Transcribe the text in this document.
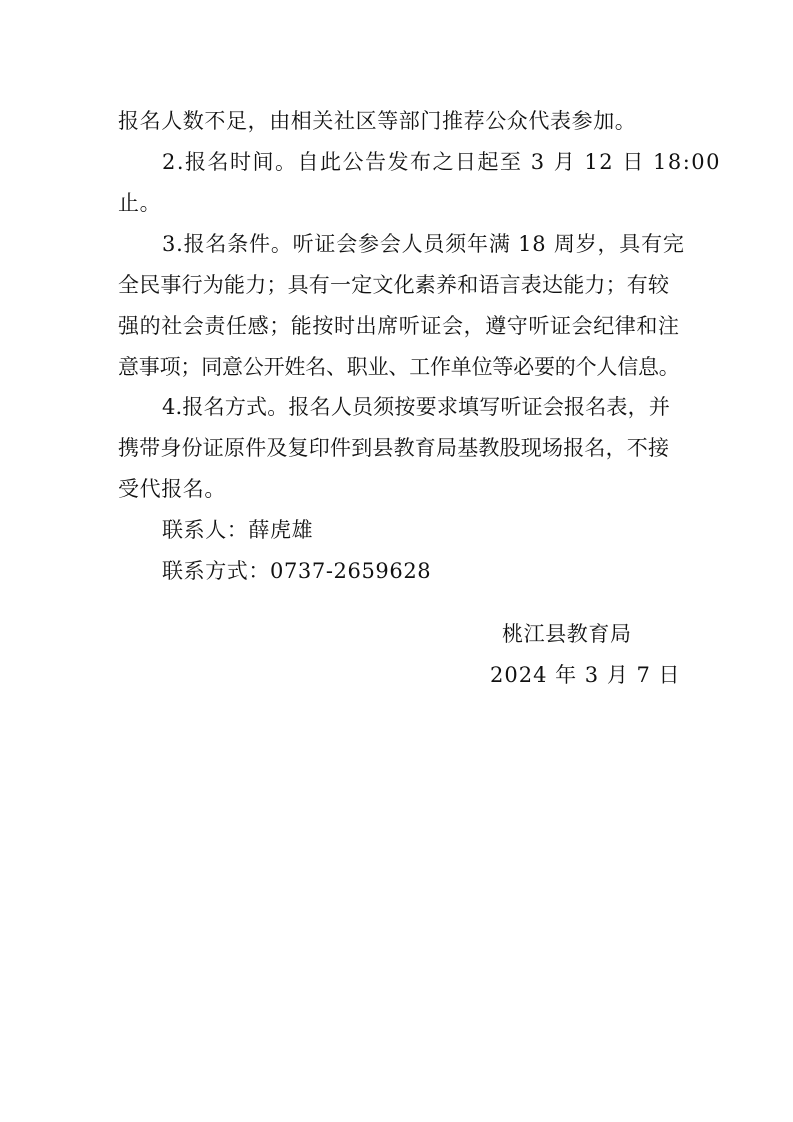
报名人数不足，由相关社区等部门推荐公众代表参加。
2.报名时间。自此公告发布之日起至 3 月 12 日 18:00
止。
3.报名条件。听证会参会人员须年满 18 周岁，具有完
全民事行为能力；具有一定文化素养和语言表达能力；有较
强的社会责任感；能按时出席听证会，遵守听证会纪律和注
意事项；同意公开姓名、职业、工作单位等必要的个人信息。
4.报名方式。报名人员须按要求填写听证会报名表，并
携带身份证原件及复印件到县教育局基教股现场报名，不接
受代报名。
联系人：薛虎雄
联系方式：0737-2659628
桃江县教育局
2024 年 3 月 7 日
